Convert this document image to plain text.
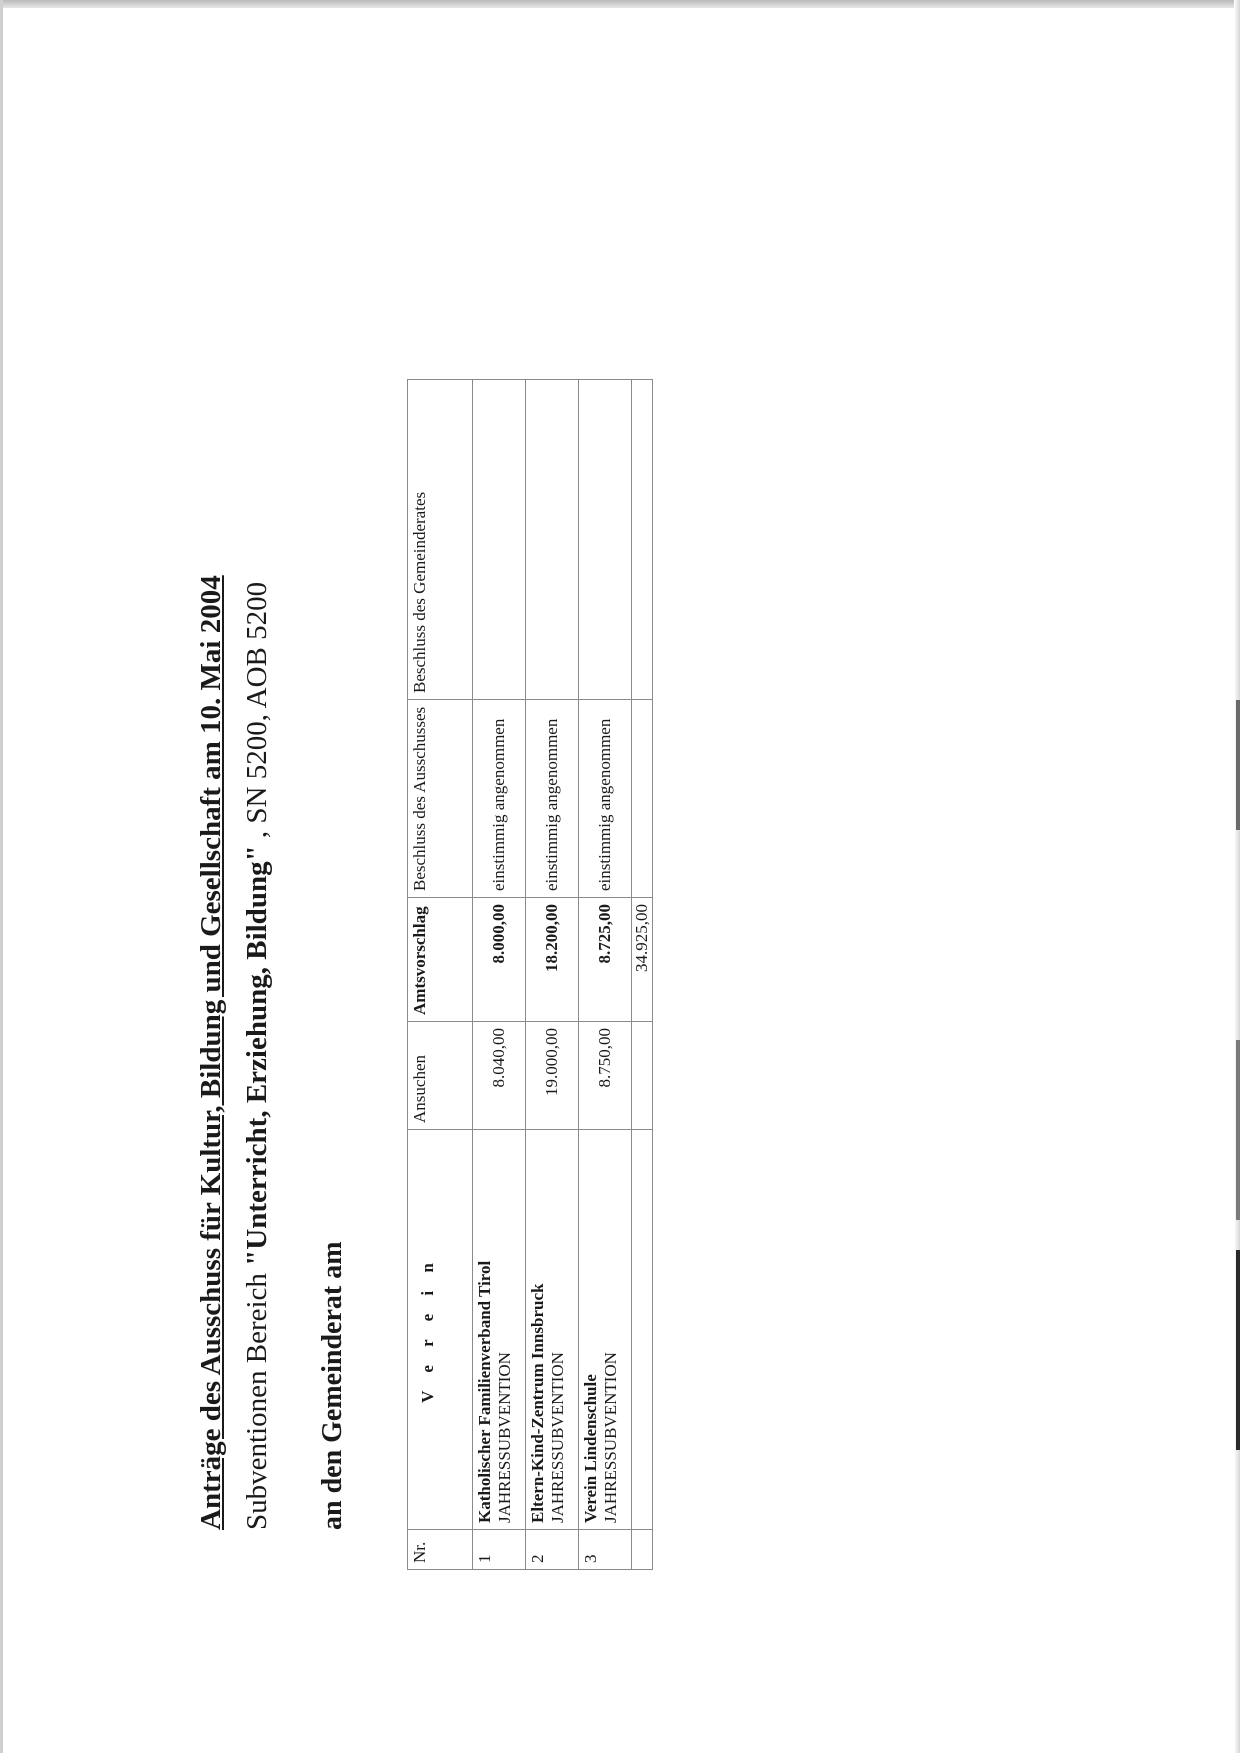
Anträge des Ausschuss für Kultur, Bildung und Gesellschaft am 10. Mai 2004 Subventionen Bereich "Unterricht, Erziehung, Bildung" , SN 5200, AOB 5200
an den Gemeinderat am
Nr.	V e r e i n	Ansuchen	Amtsvorschlag	Beschluss des Ausschusses	Beschluss des Gemeinderates
1	Katholischer Familienverband Tirol JAHRESSUBVENTION	8.040,00	8.000,00	einstimmig angenommen	
2	Eltern-Kind-Zentrum Innsbruck JAHRESSUBVENTION	19.000,00	18.200,00	einstimmig angenommen	
3	Verein Lindenschule JAHRESSUBVENTION	8.750,00	8.725,00	einstimmig angenommen	
			34.925,00		
